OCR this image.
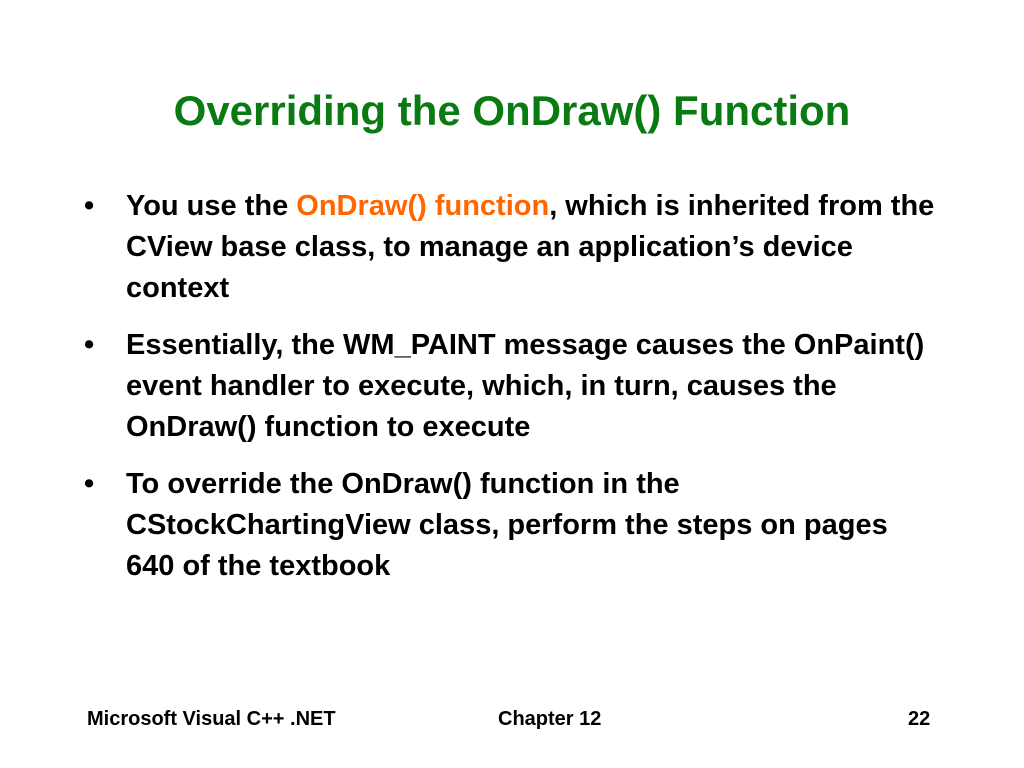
Overriding the OnDraw() Function
•	You use the OnDraw() function, which is inherited from the CView base class, to manage an application’s device context
•	Essentially, the WM_PAINT message causes the OnPaint() event handler to execute, which, in turn, causes the OnDraw() function to execute
•	To override the OnDraw() function in the CStockChartingView class, perform the steps on pages 640 of the textbook
Microsoft Visual C++ .NET	Chapter 12	22
